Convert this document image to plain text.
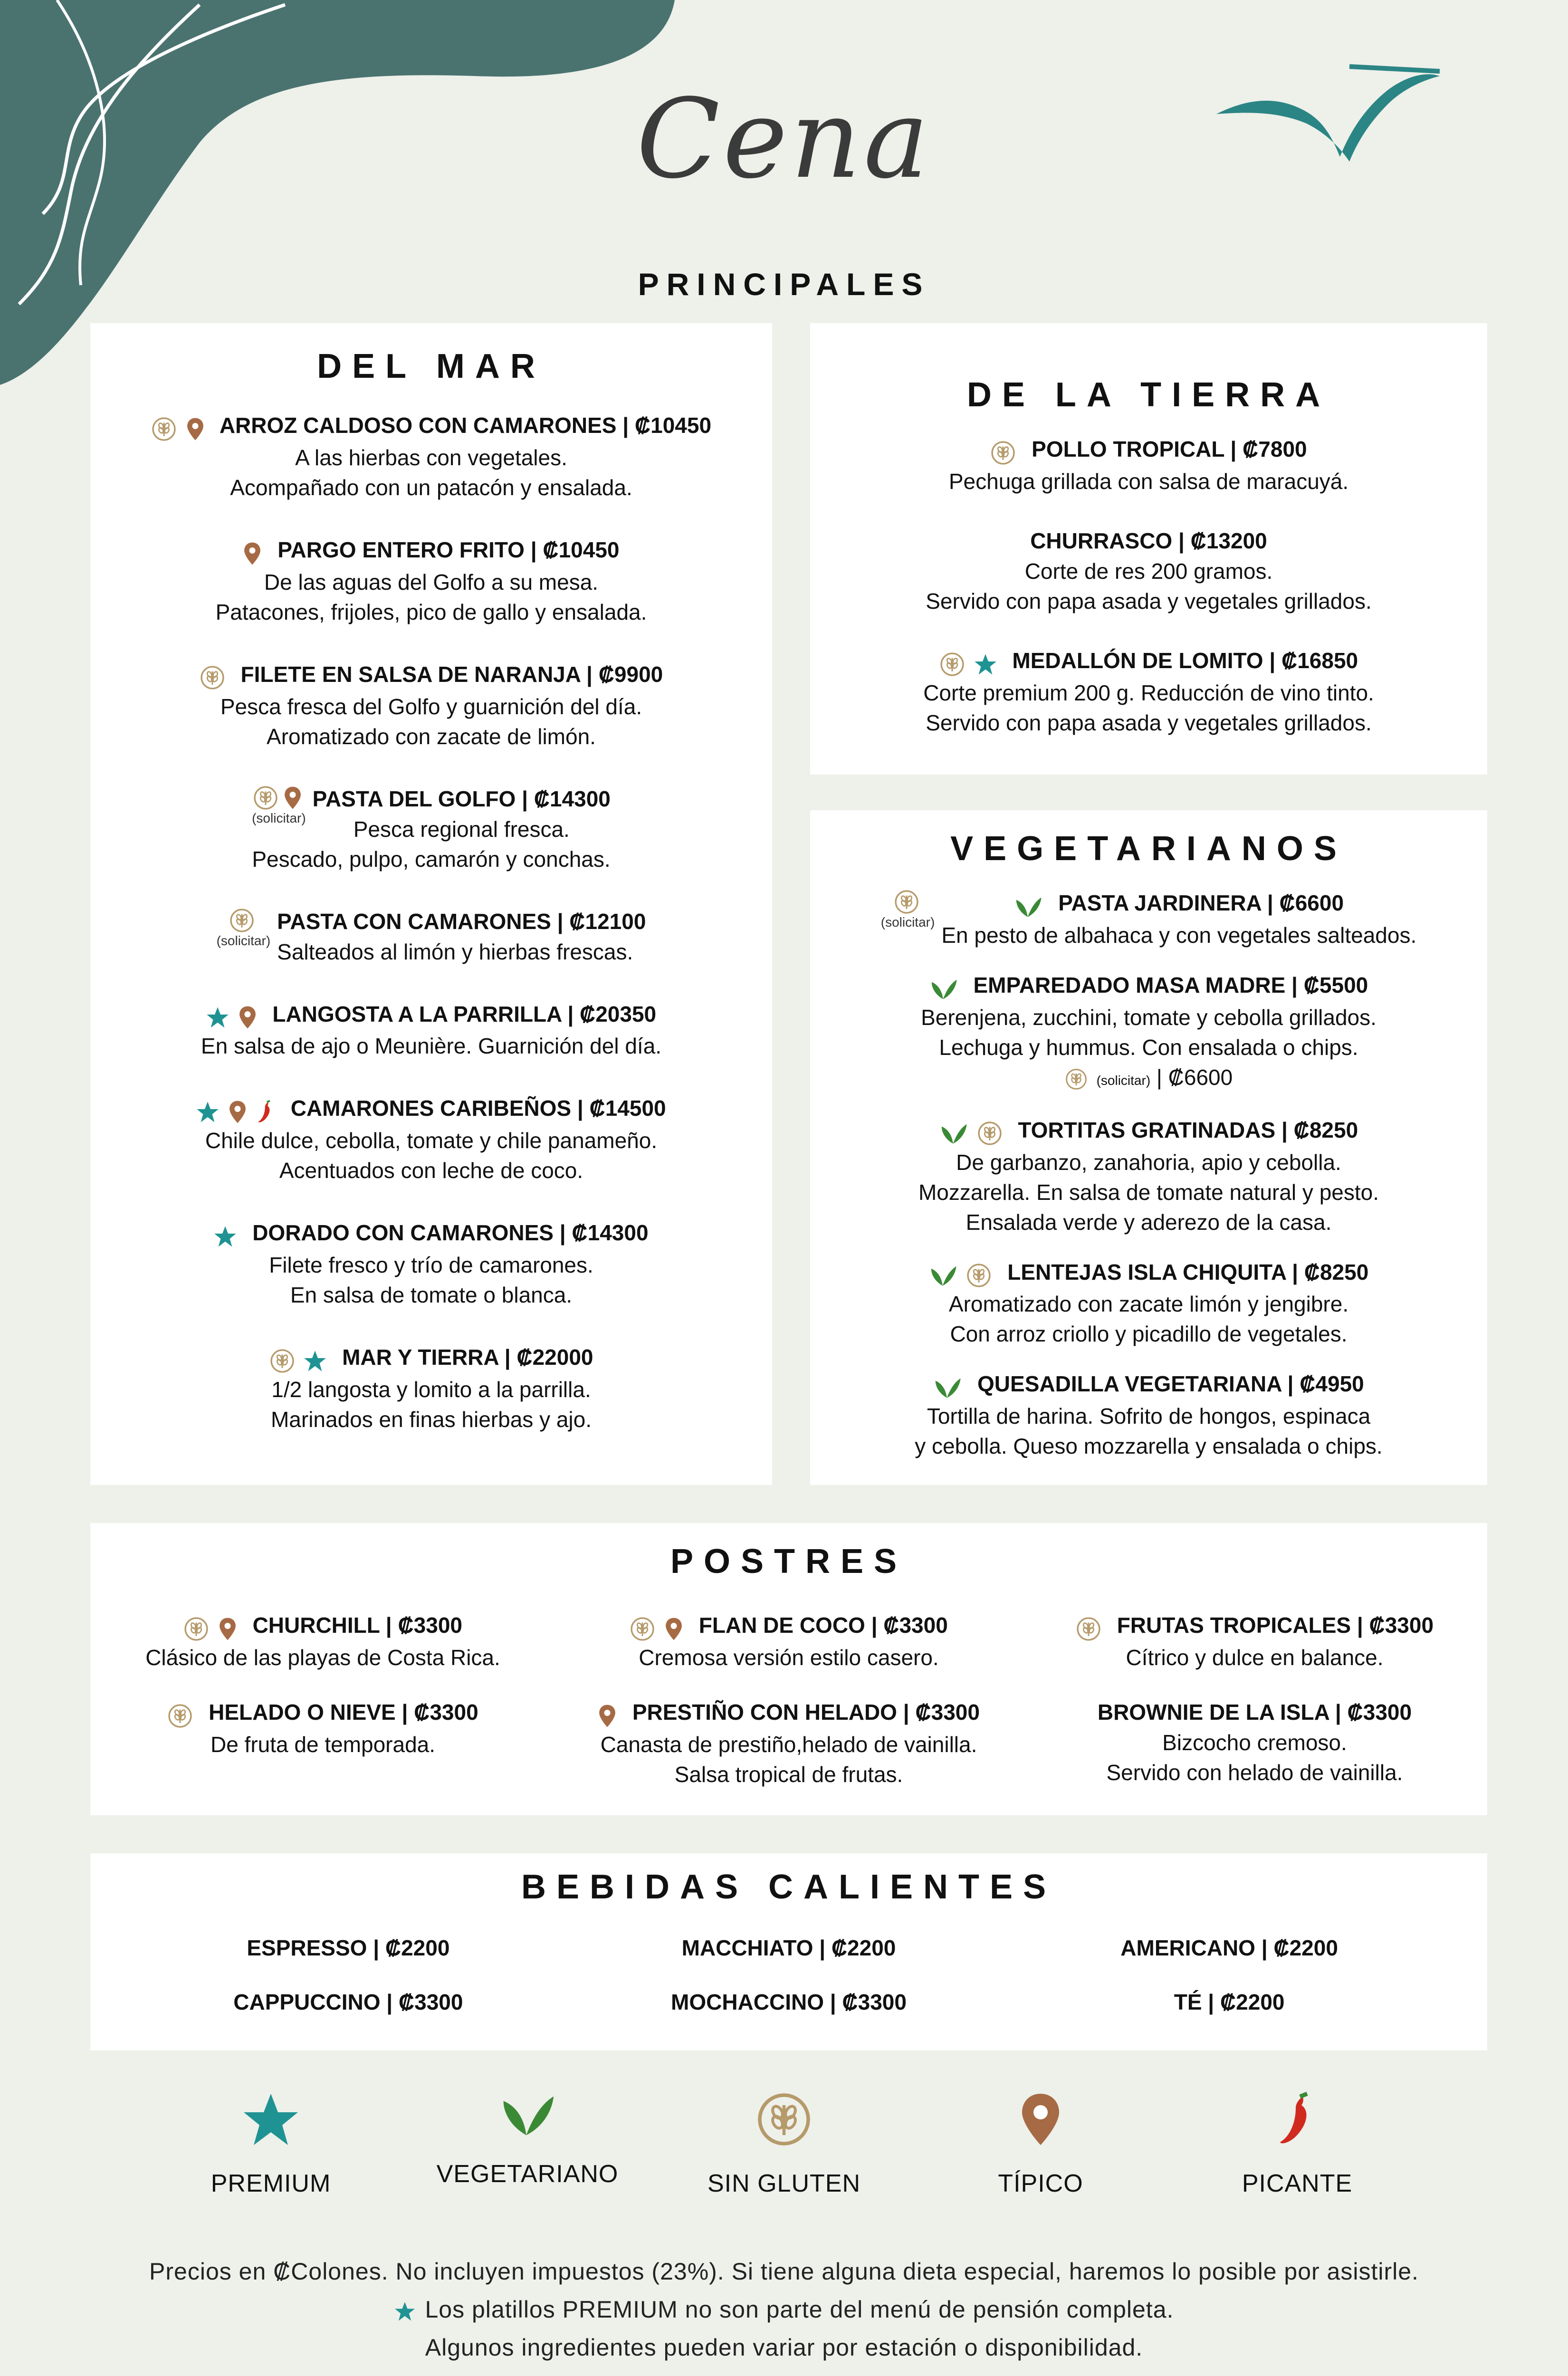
Cena
PRINCIPALES
DEL MAR
ARROZ CALDOSO CON CAMARONES | ₡10450
A las hierbas con vegetales.
Acompañado con un patacón y ensalada.
PARGO ENTERO FRITO | ₡10450
De las aguas del Golfo a su mesa.
Patacones, frijoles, pico de gallo y ensalada.
FILETE EN SALSA DE NARANJA | ₡9900
Pesca fresca del Golfo y guarnición del día.
Aromatizado con zacate de limón.

(solicitar)
PASTA DEL GOLFO | ₡14300
Pesca regional fresca.
Pescado, pulpo, camarón y conchas.
(solicitar)
PASTA CON CAMARONES | ₡12100
Salteados al limón y hierbas frescas.
LANGOSTA A LA PARRILLA | ₡20350
En salsa de ajo o Meunière. Guarnición del día.
CAMARONES CARIBEÑOS | ₡14500
Chile dulce, cebolla, tomate y chile panameño.
Acentuados con leche de coco.
DORADO CON CAMARONES | ₡14300
Filete fresco y trío de camarones.
En salsa de tomate o blanca.
MAR Y TIERRA | ₡22000
1/2 langosta y lomito a la parrilla.
Marinados en finas hierbas y ajo.
DE LA TIERRA
POLLO TROPICAL | ₡7800
Pechuga grillada con salsa de maracuyá.
CHURRASCO | ₡13200
Corte de res 200 gramos.
Servido con papa asada y vegetales grillados.
MEDALLÓN DE LOMITO | ₡16850
Corte premium 200 g. Reducción de vino tinto.
Servido con papa asada y vegetales grillados.
VEGETARIANOS
(solicitar)
PASTA JARDINERA | ₡6600
En pesto de albahaca y con vegetales salteados.
EMPAREDADO MASA MADRE | ₡5500
Berenjena, zucchini, tomate y cebolla grillados.
Lechuga y hummus. Con ensalada o chips.
(solicitar) | ₡6600
TORTITAS GRATINADAS | ₡8250
De garbanzo, zanahoria, apio y cebolla.
Mozzarella. En salsa de tomate natural y pesto.
Ensalada verde y aderezo de la casa.
LENTEJAS ISLA CHIQUITA | ₡8250
Aromatizado con zacate limón y jengibre.
Con arroz criollo y picadillo de vegetales.
QUESADILLA VEGETARIANA | ₡4950
Tortilla de harina. Sofrito de hongos, espinaca
y cebolla. Queso mozzarella y ensalada o chips.
POSTRES
CHURCHILL | ₡3300
Clásico de las playas de Costa Rica.
FLAN DE COCO | ₡3300
Cremosa versión estilo casero.
FRUTAS TROPICALES | ₡3300
Cítrico y dulce en balance.
HELADO O NIEVE | ₡3300
De fruta de temporada.
PRESTIÑO CON HELADO | ₡3300
Canasta de prestiño,helado de vainilla.
Salsa tropical de frutas.
BROWNIE DE LA ISLA | ₡3300
Bizcocho cremoso.
Servido con helado de vainilla.
BEBIDAS CALIENTES
ESPRESSO | ₡2200	MACCHIATO | ₡2200	AMERICANO | ₡2200
CAPPUCCINO | ₡3300	MOCHACCINO | ₡3300	TÉ | ₡2200
PREMIUM	VEGETARIANO	SIN GLUTEN	TÍPICO	PICANTE
Precios en ₡Colones. No incluyen impuestos (23%). Si tiene alguna dieta especial, haremos lo posible por asistirle.
Los platillos PREMIUM no son parte del menú de pensión completa.
Algunos ingredientes pueden variar por estación o disponibilidad.
